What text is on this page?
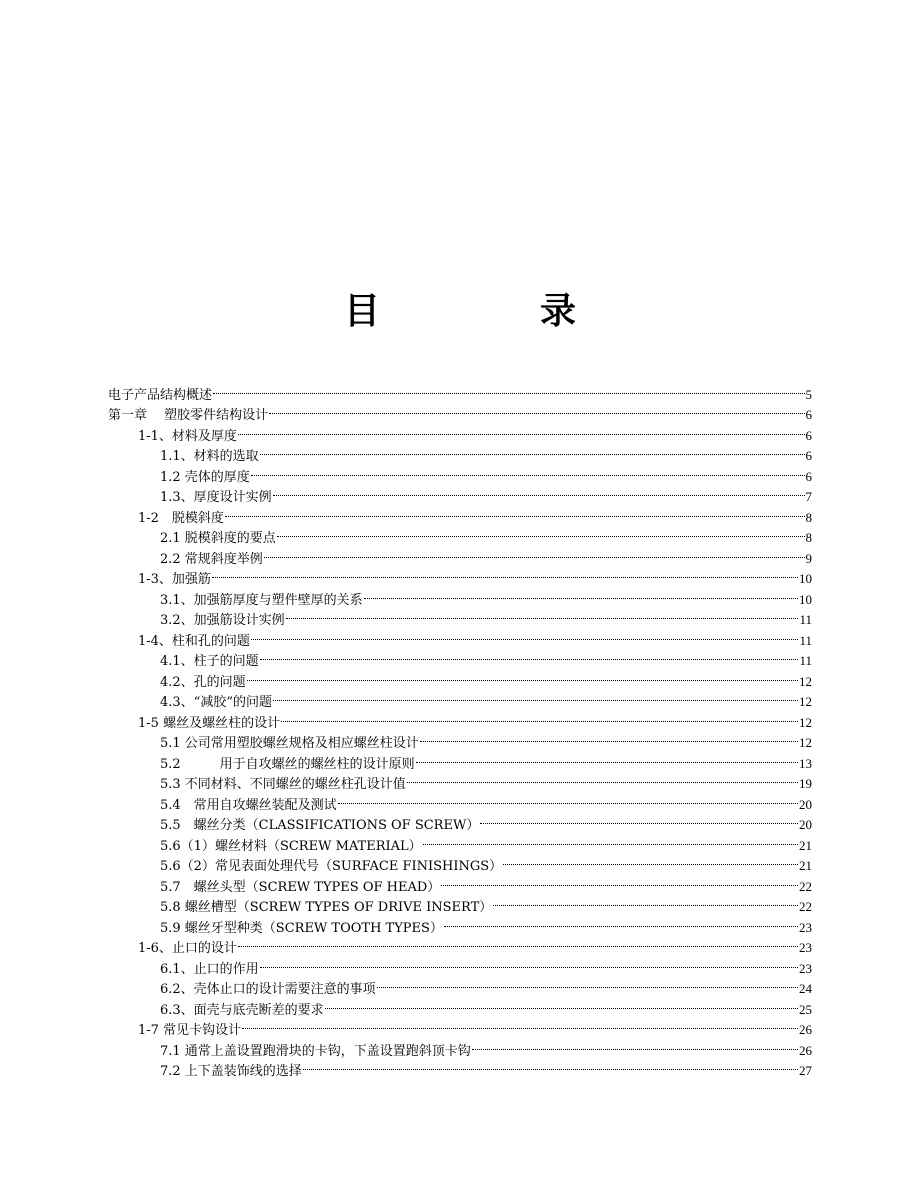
目　录
电子产品结构概述	5
第一章　 塑胶零件结构设计	6
1-1、材料及厚度	6
1.1、材料的选取	6
1.2 壳体的厚度	6
1.3、厚度设计实例	7
1-2　脱模斜度	8
2.1 脱模斜度的要点	8
2.2 常规斜度举例	9
1-3、加强筋	10
3.1、加强筋厚度与塑件壁厚的关系	10
3.2、加强筋设计实例	11
1-4、柱和孔的问题	11
4.1、柱子的问题	11
4.2、孔的问题	12
4.3、“减胶”的问题	12
1-5 螺丝及螺丝柱的设计	12
5.1 公司常用塑胶螺丝规格及相应螺丝柱设计	12
5.2　　　用于自攻螺丝的螺丝柱的设计原则	13
5.3 不同材料、不同螺丝的螺丝柱孔设计值	19
5.4　常用自攻螺丝装配及测试	20
5.5　螺丝分类（CLASSIFICATIONS OF SCREW）	20
5.6（1）螺丝材料（SCREW MATERIAL）	21
5.6（2）常见表面处理代号（SURFACE FINISHINGS）	21
5.7　螺丝头型（SCREW TYPES OF HEAD）	22
5.8 螺丝槽型（SCREW TYPES OF DRIVE INSERT）	22
5.9 螺丝牙型种类（SCREW TOOTH TYPES）	23
1-6、止口的设计	23
6.1、止口的作用	23
6.2、壳体止口的设计需要注意的事项	24
6.3、面壳与底壳断差的要求	25
1-7 常见卡钩设计	26
7.1 通常上盖设置跑滑块的卡钩，下盖设置跑斜顶卡钩	26
7.2 上下盖装饰线的选择	27
